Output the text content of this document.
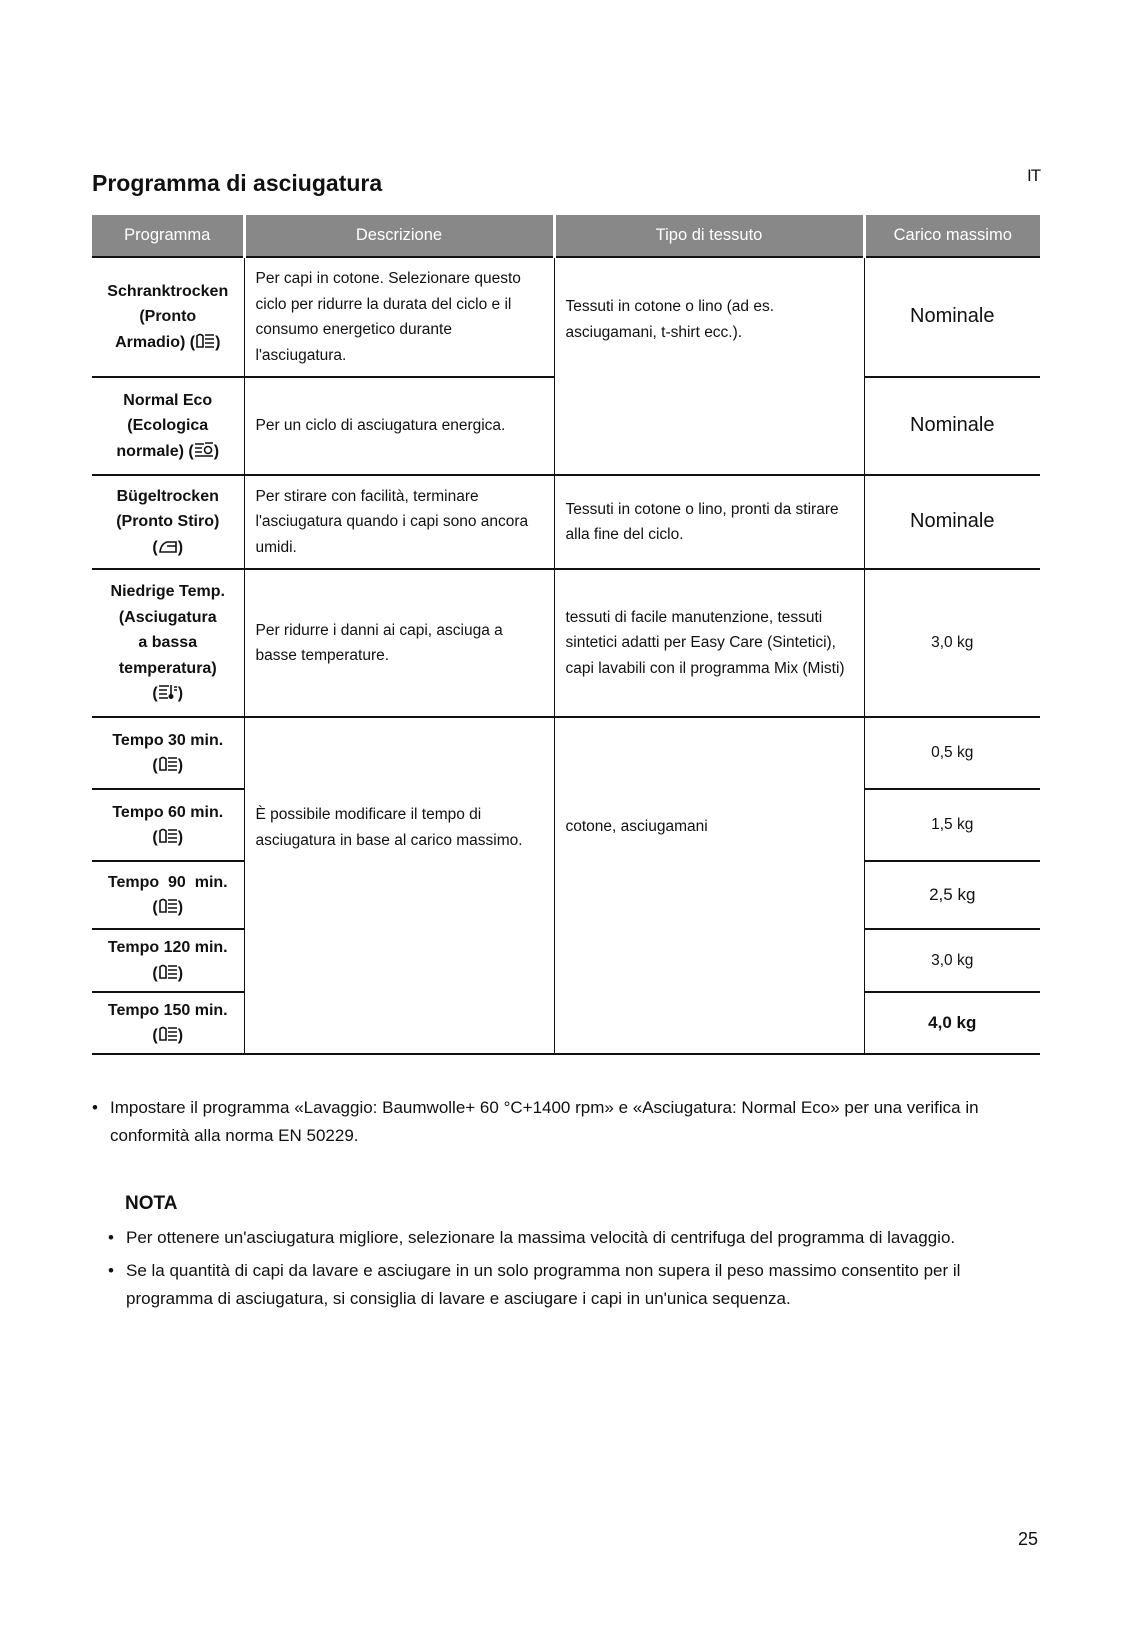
IT
Programma di asciugatura
Programma	Descrizione	Tipo di tessuto	Carico massimo

Schranktrocken
(Pronto
Armadio) ( )	Per capi in cotone. Selezionare questo ciclo per ridurre la durata del ciclo e il consumo energetico durante l'asciugatura.	Tessuti in cotone o lino (ad es. asciugamani, t-shirt ecc.).	Nominale

Normal Eco
(Ecologica
normale) ( )	Per un ciclo di asciugatura energica.		Nominale

Bügeltrocken
(Pronto Stiro)
( )	Per stirare con facilità, terminare l'asciugatura quando i capi sono ancora umidi.	Tessuti in cotone o lino, pronti da stirare alla fine del ciclo.	Nominale

Niedrige Temp.
(Asciugatura
a bassa
temperatura)
( )	Per ridurre i danni ai capi, asciuga a basse temperature.	tessuti di facile manutenzione, tessuti sintetici adatti per Easy Care (Sintetici), capi lavabili con il programma Mix (Misti)	3,0 kg

Tempo 30 min.
( )	È possibile modificare il tempo di asciugatura in base al carico massimo.	cotone, asciugamani	0,5 kg

Tempo 60 min.
( )			1,5 kg

Tempo  90  min.
( )			2,5 kg

Tempo 120 min.
( )			3,0 kg

Tempo 150 min.
( )			4,0 kg
• Impostare il programma «Lavaggio: Baumwolle+ 60 °C+1400 rpm» e «Asciugatura: Normal Eco» per una verifica in conformità alla norma EN 50229.
NOTA
• Per ottenere un'asciugatura migliore, selezionare la massima velocità di centrifuga del programma di lavaggio.
• Se la quantità di capi da lavare e asciugare in un solo programma non supera il peso massimo consentito per il programma di asciugatura, si consiglia di lavare e asciugare i capi in un'unica sequenza.
25
